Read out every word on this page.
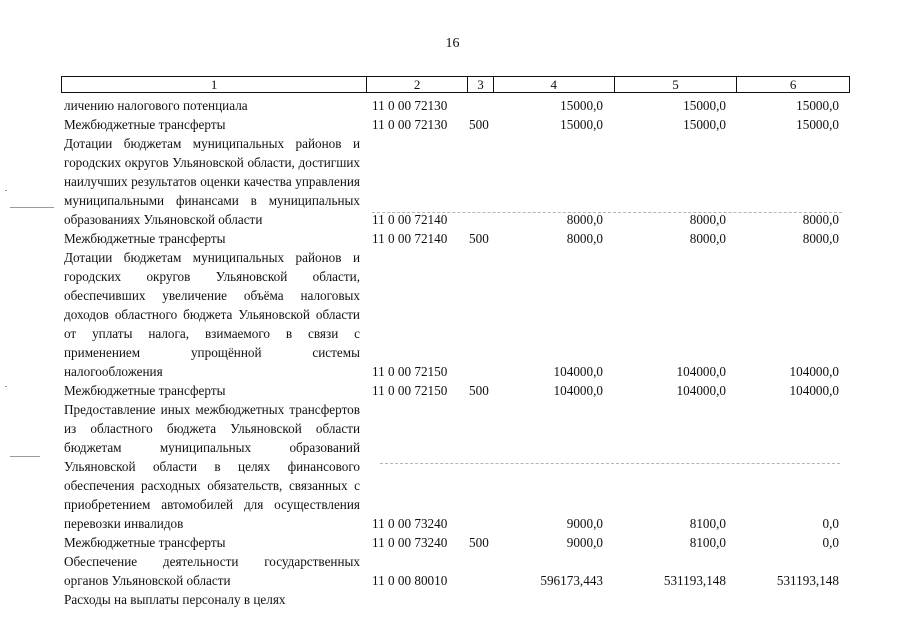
16
1	2	3	4	5	6
личению налогового потенциала	11 0 00 72130	15000,0	15000,0	15000,0
Межбюджетные трансферты	11 0 00 72130 500	15000,0	15000,0	15000,0
Дотации бюджетам муниципальных районов и городских округов Ульяновской области, достигших наилучших результатов оценки качества управления муниципальными финансами в муниципальных образованиях Ульяновской области	11 0 00 72140	8000,0	8000,0	8000,0
Межбюджетные трансферты	11 0 00 72140 500	8000,0	8000,0	8000,0
Дотации бюджетам муниципальных районов и городских округов Ульяновской области, обеспечивших увеличение объёма налоговых доходов областного бюджета Ульяновской области от уплаты налога, взимаемого в связи с применением упрощённой системы налогообложения	11 0 00 72150	104000,0	104000,0	104000,0
Межбюджетные трансферты	11 0 00 72150 500	104000,0	104000,0	104000,0
Предоставление иных межбюджетных трансфертов из областного бюджета Ульяновской области бюджетам муниципальных образований Ульяновской области в целях финансового обеспечения расходных обязательств, связанных с приобретением автомобилей для осуществления перевозки инвалидов	11 0 00 73240	9000,0	8100,0	0,0
Межбюджетные трансферты	11 0 00 73240 500	9000,0	8100,0	0,0
Обеспечение деятельности государственных органов Ульяновской области	11 0 00 80010	596173,443	531193,148	531193,148
Расходы на выплаты персоналу в целях
